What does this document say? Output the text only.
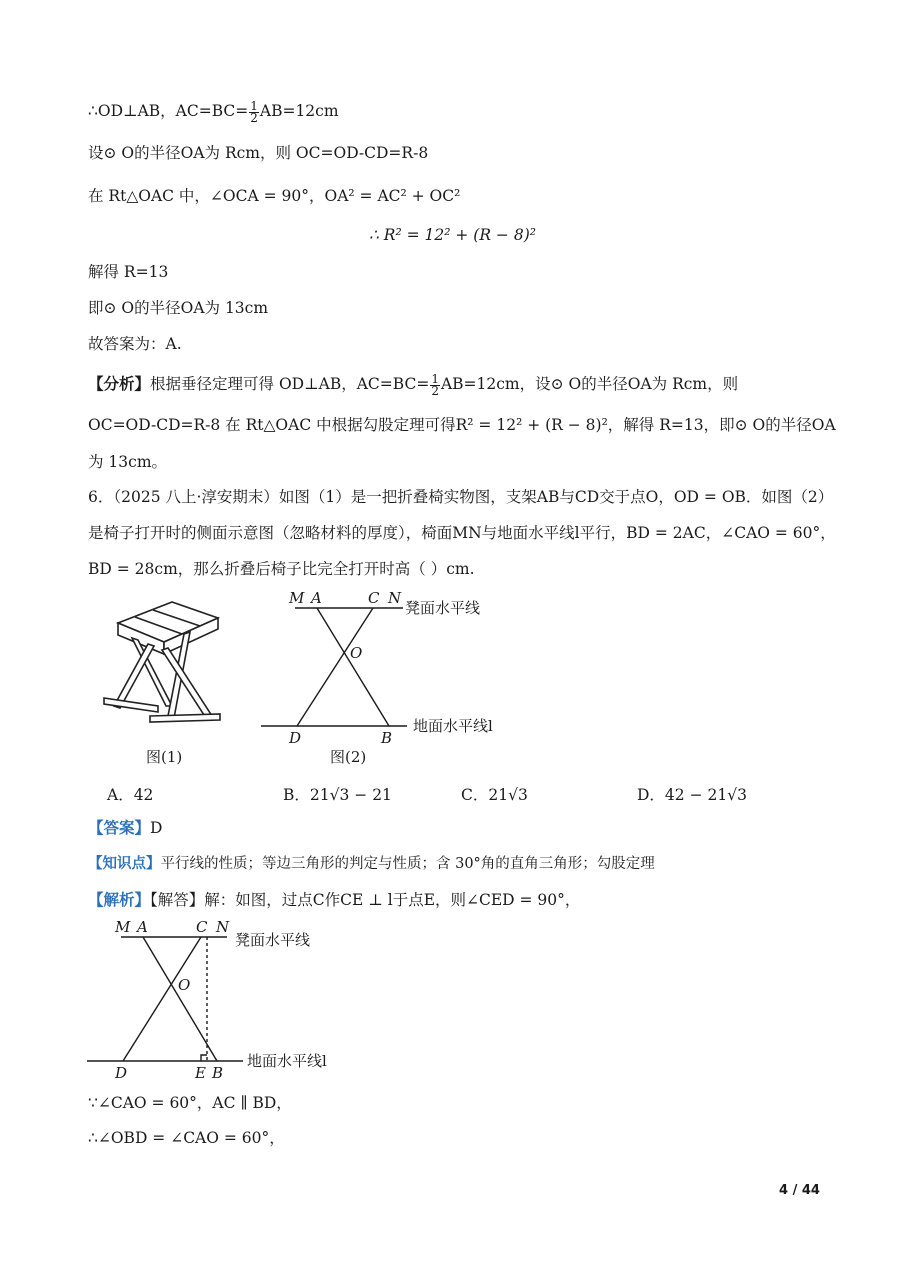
∴OD⊥AB，$AC=BC= \frac{1}{2} AB=12cm$
设⊙ O的半径OA为 Rcm，则 OC=OD-CD=R-8
在 Rt△OAC 中，∠OCA = 90°，OA² = AC² + OC²
∴ R² = 12² + (R − 8)²
解得 R=13
即⊙ O的半径OA为 13cm
故答案为：A.
【分析】根据垂径定理可得 OD⊥AB，$AC=BC= \frac{1}{2} AB=12cm$，设⊙ O的半径OA为 Rcm，则
OC=OD-CD=R-8 在 Rt△OAC 中根据勾股定理可得R² = 12² + (R − 8)²，解得 R=13，即⊙ O的半径OA
为 13cm。
6．（2025 八上·淳安期末）如图（1）是一把折叠椅实物图，支架AB与CD交于点O，OD = OB．如图（2）
是椅子打开时的侧面示意图（忽略材料的厚度），椅面MN与地面水平线l平行，BD = 2AC，∠CAO = 60°，
BD = 28cm，那么折叠后椅子比完全打开时高（ ）cm.
M A	C N
O
D	B
凳面水平线
地面水平线l
图(1)	图(2)
A．42	B．21√3 − 21	C．21√3	D．42 − 21√3
【答案】D
【知识点】平行线的性质；等边三角形的判定与性质；含 30°角的直角三角形；勾股定理
【解析】【解答】解：如图，过点C作CE ⊥ l于点E，则∠CED = 90°，
M A	C N
O
D	E B
凳面水平线
地面水平线l
∵∠CAO = 60°，AC ∥ BD，
∴∠OBD = ∠CAO = 60°，
4 / 44
